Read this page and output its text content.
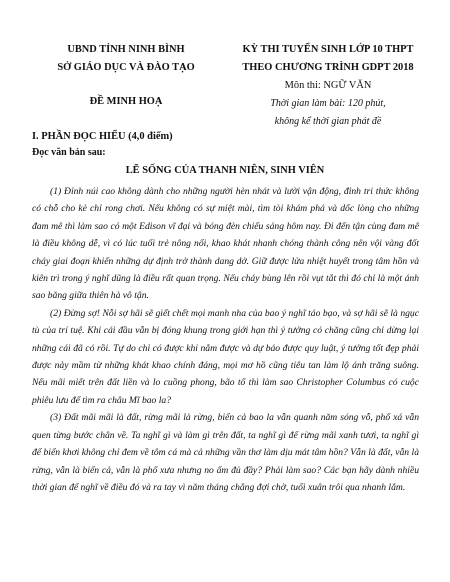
UBND TỈNH NINH BÌNH
SỞ GIÁO DỤC VÀ ĐÀO TẠO
KỲ THI TUYỂN SINH LỚP 10 THPT
THEO CHƯƠNG TRÌNH GDPT 2018
Môn thi: NGỮ VĂN
ĐỀ MINH HOẠ	Thời gian làm bài: 120 phút,
không kể thời gian phát đề
I. PHẦN ĐỌC HIỂU (4,0 điểm)
Đọc văn bản sau:
LẼ SỐNG CỦA THANH NIÊN, SINH VIÊN

(1) Đỉnh núi cao không dành cho những người hèn nhát và lười vận động, đỉnh tri thức không có chỗ cho kẻ chỉ rong chơi. Nếu không có sự miệt mài, tìm tòi khám phá và dốc lòng cho những đam mê thì làm sao có một Edison vĩ đại và bóng đèn chiếu sáng hôm nay. Đi đến tận cùng đam mê là điều không dễ, vì có lúc tuổi trẻ nông nổi, khao khát nhanh chóng thành công nên vội vàng đốt cháy giai đoạn khiến những dự định trở thành dang dở. Giữ được lửa nhiệt huyết trong tâm hồn và kiên trì trong ý nghĩ dũng là điều rất quan trọng. Nếu cháy bùng lên rồi vụt tắt thì đó chỉ là một ánh sao băng giữa thiên hà vô tận.

(2) Đừng sợ! Nỗi sợ hãi sẽ giết chết mọi manh nha của bao ý nghĩ táo bạo, và sợ hãi sẽ là ngục tù của trí tuệ. Khi cái đầu vẫn bị đóng khung trong giới hạn thì ý tưởng có chăng cũng chỉ dừng lại những cái đã có rồi. Tự do chỉ có được khi nắm được và dự báo được quy luật, ý tưởng tốt đẹp phải được nảy mầm từ những khát khao chính đáng, mọi mơ hồ cũng tiêu tan làm lộ ánh trăng suông. Nếu mãi miết trên đất liền và lo cuồng phong, bão tố thì làm sao Christopher Columbus có cuộc phiêu lưu để tìm ra châu Mĩ bao la?

(3) Đất mãi mãi là đất, rừng mãi là rừng, biển cả bao la vẫn quanh năm sóng vỗ, phố xá vẫn quen từng bước chân về. Ta nghĩ gì và làm gì trên đất, ta nghĩ gì để rừng mãi xanh tươi, ta nghĩ gì để biển khơi không chỉ đem về tôm cá mà cả những vần thơ làm dịu mát tâm hồn? Vẫn là đất, vẫn là rừng, vẫn là biển cả, vẫn là phố xưa nhưng no ấm đủ đầy? Phải làm sao? Các bạn hãy dành nhiều thời gian để nghĩ về điều đó và ra tay vì năm tháng chẳng đợi chờ, tuổi xuân trôi qua nhanh lắm.
